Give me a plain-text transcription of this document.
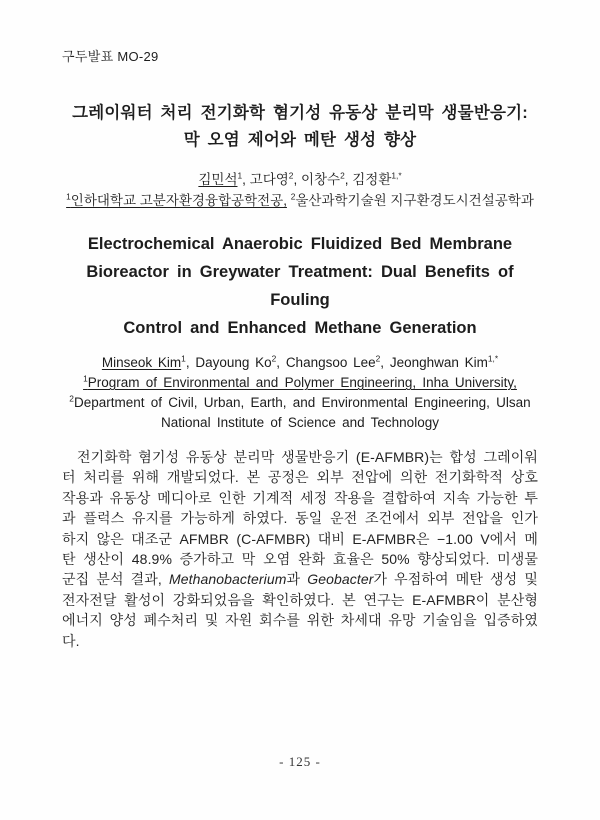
구두발표 MO-29
그레이워터 처리 전기화학 혐기성 유동상 분리막 생물반응기:
막 오염 제어와 메탄 생성 향상
김민석$^1$, 고다영$^2$, 이창수$^2$, 김정환$^{1,*}$
$^1$인하대학교 고분자환경융합공학전공, $^2$울산과학기술원 지구환경도시건설공학과
Electrochemical Anaerobic Fluidized Bed Membrane
Bioreactor in Greywater Treatment: Dual Benefits of Fouling
Control and Enhanced Methane Generation
Minseok Kim$^1$, Dayoung Ko$^2$, Changsoo Lee$^2$, Jeonghwan Kim$^{1,*}$
$^1$Program of Environmental and Polymer Engineering, Inha University,
$^2$Department of Civil, Urban, Earth, and Environmental Engineering, Ulsan National Institute of Science and Technology

전기화학 혐기성 유동상 분리막 생물반응기 (E-AFMBR)는 합성 그레이워터 처리를 위해 개발되었다. 본 공정은 외부 전압에 의한 전기화학적 상호작용과 유동상 메디아로 인한 기계적 세정 작용을 결합하여 지속 가능한 투과 플럭스 유지를 가능하게 하였다. 동일 운전 조건에서 외부 전압을 인가하지 않은 대조군 AFMBR (C-AFMBR) 대비 E-AFMBR은 −1.00 V에서 메탄 생산이 48.9% 증가하고 막 오염 완화 효율은 50% 향상되었다. 미생물 군집 분석 결과, Methanobacterium과 Geobacter가 우점하여 메탄 생성 및 전자전달 활성이 강화되었음을 확인하였다. 본 연구는 E-AFMBR이 분산형 에너지 양성 폐수처리 및 자원 회수를 위한 차세대 유망 기술임을 입증하였다.

- 125 -
